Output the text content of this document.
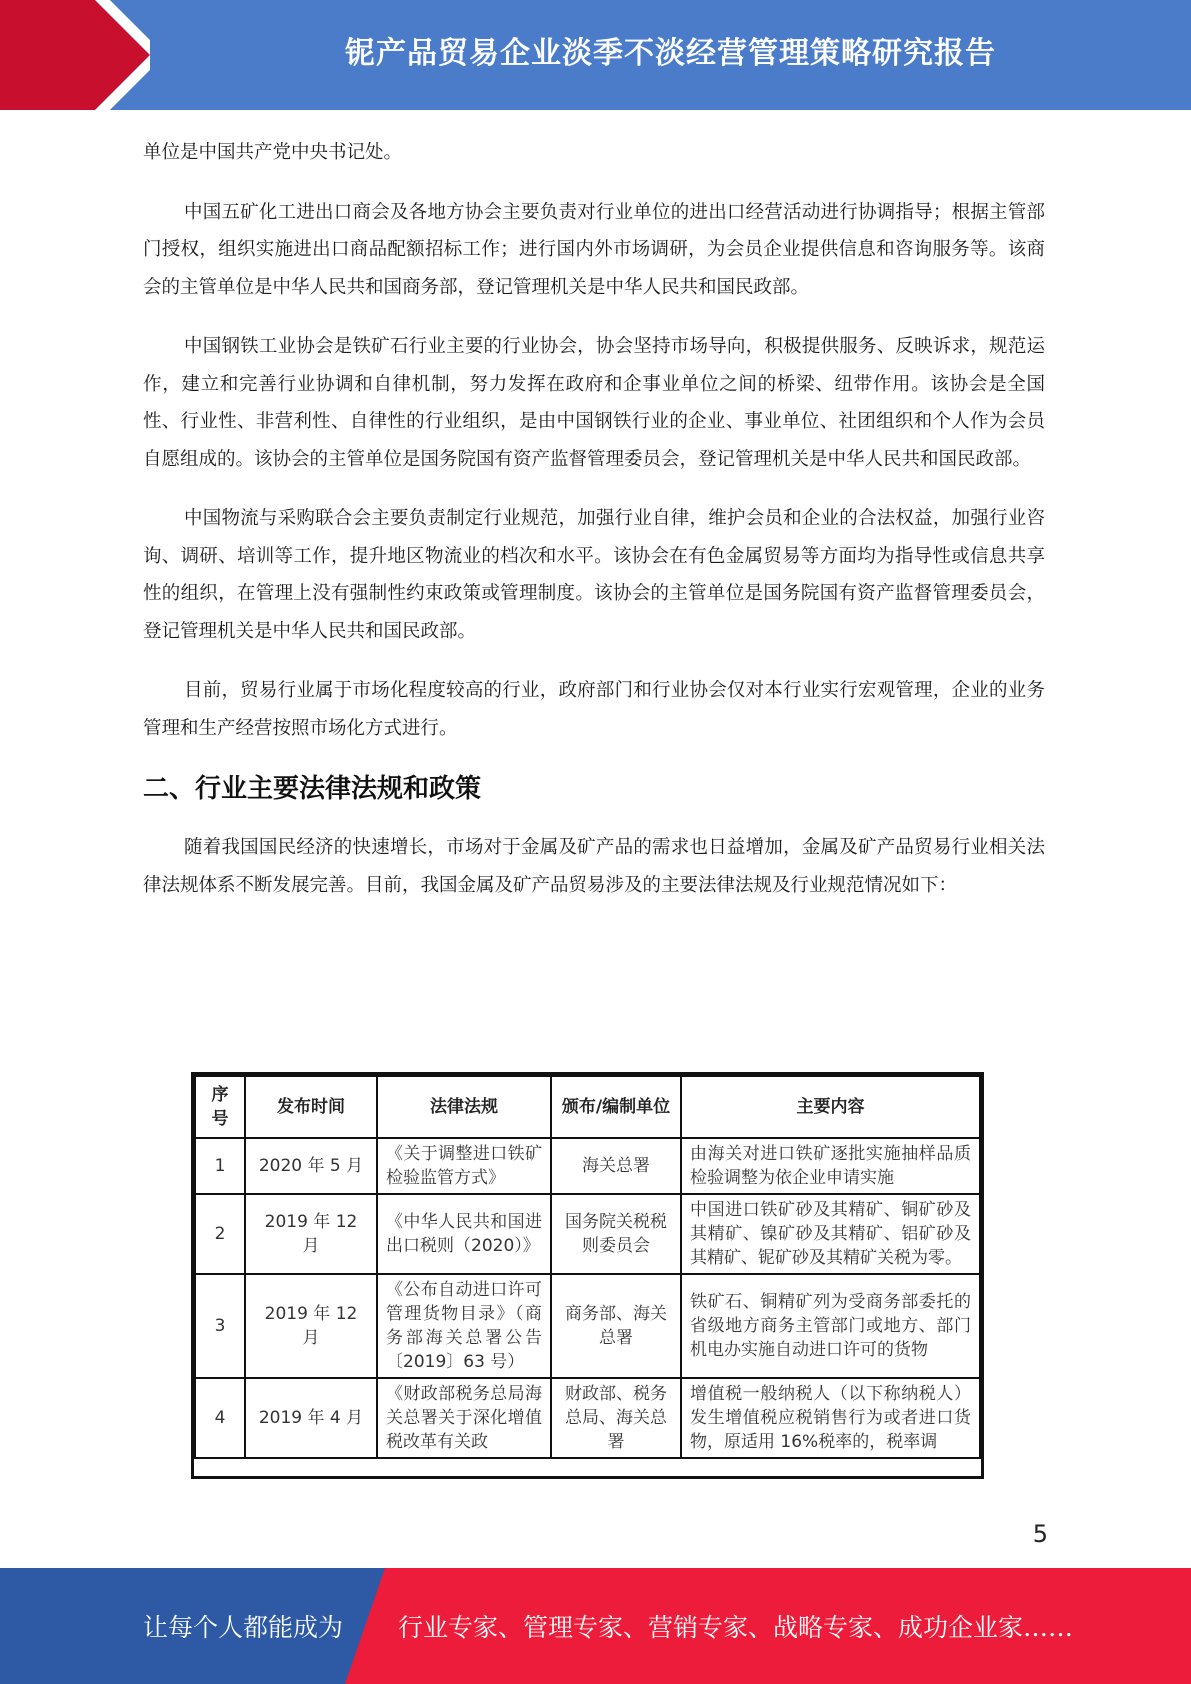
铌产品贸易企业淡季不淡经营管理策略研究报告

单位是中国共产党中央书记处。

中国五矿化工进出口商会及各地方协会主要负责对行业单位的进出口经营活动进行协调指导；根据主管部门授权，组织实施进出口商品配额招标工作；进行国内外市场调研，为会员企业提供信息和咨询服务等。该商会的主管单位是中华人民共和国商务部，登记管理机关是中华人民共和国民政部。

中国钢铁工业协会是铁矿石行业主要的行业协会，协会坚持市场导向，积极提供服务、反映诉求，规范运作，建立和完善行业协调和自律机制，努力发挥在政府和企事业单位之间的桥梁、纽带作用。该协会是全国性、行业性、非营利性、自律性的行业组织，是由中国钢铁行业的企业、事业单位、社团组织和个人作为会员自愿组成的。该协会的主管单位是国务院国有资产监督管理委员会，登记管理机关是中华人民共和国民政部。

中国物流与采购联合会主要负责制定行业规范，加强行业自律，维护会员和企业的合法权益，加强行业咨询、调研、培训等工作，提升地区物流业的档次和水平。该协会在有色金属贸易等方面均为指导性或信息共享性的组织，在管理上没有强制性约束政策或管理制度。该协会的主管单位是国务院国有资产监督管理委员会，登记管理机关是中华人民共和国民政部。

目前，贸易行业属于市场化程度较高的行业，政府部门和行业协会仅对本行业实行宏观管理，企业的业务管理和生产经营按照市场化方式进行。

二、行业主要法律法规和政策

随着我国国民经济的快速增长，市场对于金属及矿产品的需求也日益增加，金属及矿产品贸易行业相关法律法规体系不断发展完善。目前，我国金属及矿产品贸易涉及的主要法律法规及行业规范情况如下：

序号	发布时间	法律法规	颁布/编制单位	主要内容
1	2020 年 5 月	《关于调整进口铁矿检验监管方式》	海关总署	由海关对进口铁矿逐批实施抽样品质检验调整为依企业申请实施
2	2019 年 12 月	《中华人民共和国进出口税则（2020）》	国务院关税税则委员会	中国进口铁矿砂及其精矿、铜矿砂及其精矿、镍矿砂及其精矿、铝矿砂及其精矿、铌矿砂及其精矿关税为零。
3	2019 年 12 月	《公布自动进口许可管理货物目录》（商务部海关总署公告〔2019〕63 号）	商务部、海关总署	铁矿石、铜精矿列为受商务部委托的省级地方商务主管部门或地方、部门机电办实施自动进口许可的货物
4	2019 年 4 月	《财政部税务总局海关总署关于深化增值税改革有关政	财政部、税务总局、海关总署	增值税一般纳税人（以下称纳税人）发生增值税应税销售行为或者进口货物，原适用 16%税率的，税率调
5
让每个人都能成为 行业专家、管理专家、营销专家、战略专家、成功企业家……
